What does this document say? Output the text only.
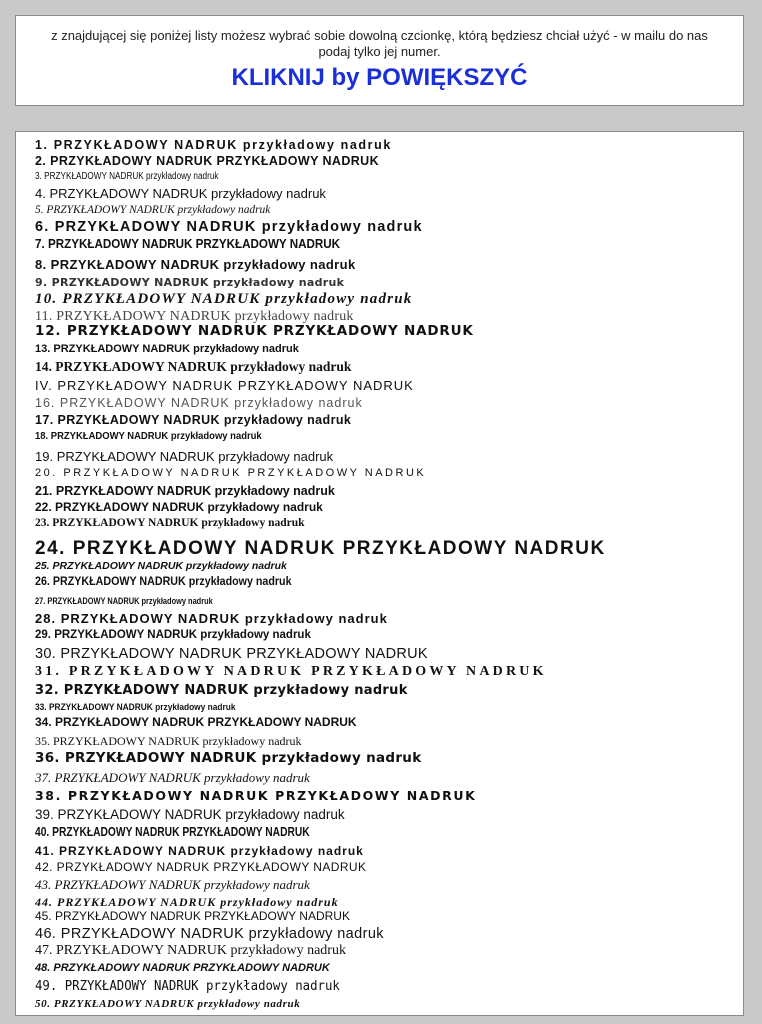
z znajdującej się poniżej listy możesz wybrać sobie dowolną czcionkę, którą będziesz chciał użyć - w mailu do nas podaj tylko jej numer.
KLIKNIJ by POWIĘKSZYĆ
1. PRZYKŁADOWY NADRUK przykładowy nadruk
2. PRZYKŁADOWY NADRUK PRZYKŁADOWY NADRUK
3. PRZYKŁADOWY NADRUK przykładowy nadruk
4. PRZYKŁADOWY NADRUK przykładowy nadruk
5. PRZYKŁADOWY NADRUK przykładowy nadruk
6. PRZYKŁADOWY NADRUK przykładowy nadruk
7. PRZYKŁADOWY NADRUK PRZYKŁADOWY NADRUK
8. PRZYKŁADOWY NADRUK przykładowy nadruk
9. PRZYKŁADOWY NADRUK przykładowy nadruk
10. PRZYKŁADOWY NADRUK przykładowy nadruk
11. PRZYKŁADOWY NADRUK przykładowy nadruk
12. PRZYKŁADOWY NADRUK PRZYKŁADOWY NADRUK
13. PRZYKŁADOWY NADRUK przykładowy nadruk
14. PRZYKŁADOWY NADRUK przykładowy nadruk
IV. PRZYKŁADOWY NADRUK PRZYKŁADOWY NADRUK
16. PRZYKŁADOWY NADRUK przykładowy nadruk
17. PRZYKŁADOWY NADRUK przykładowy nadruk
18. PRZYKŁADOWY NADRUK przykładowy nadruk
19. PRZYKŁADOWY NADRUK przykładowy nadruk
20. PRZYKŁADOWY NADRUK PRZYKŁADOWY NADRUK
21. PRZYKŁADOWY NADRUK przykładowy nadruk
22. PRZYKŁADOWY NADRUK przykładowy nadruk
23. PRZYKŁADOWY NADRUK przykładowy nadruk
24. PRZYKŁADOWY NADRUK PRZYKŁADOWY NADRUK
25. PRZYKŁADOWY NADRUK przykładowy nadruk
26. PRZYKŁADOWY NADRUK przykładowy nadruk
27. PRZYKŁADOWY NADRUK przykładowy nadruk
28. PRZYKŁADOWY NADRUK przykładowy nadruk
29. PRZYKŁADOWY NADRUK przykładowy nadruk
30. PRZYKŁADOWY NADRUK PRZYKŁADOWY NADRUK
31. PRZYKŁADOWY NADRUK PRZYKŁADOWY NADRUK
32. PRZYKŁADOWY NADRUK przykładowy nadruk
33. PRZYKŁADOWY NADRUK przykładowy nadruk
34. PRZYKŁADOWY NADRUK PRZYKŁADOWY NADRUK
35. PRZYKŁADOWY NADRUK przykładowy nadruk
36. PRZYKŁADOWY NADRUK przykładowy nadruk
37. PRZYKŁADOWY NADRUK przykładowy nadruk
38. PRZYKŁADOWY NADRUK PRZYKŁADOWY NADRUK
39. PRZYKŁADOWY NADRUK przykładowy nadruk
40. PRZYKŁADOWY NADRUK PRZYKŁADOWY NADRUK
41. PRZYKŁADOWY NADRUK przykładowy nadruk
42. PRZYKŁADOWY NADRUK PRZYKŁADOWY NADRUK
43. PRZYKŁADOWY NADRUK przykładowy nadruk
44. PRZYKŁADOWY NADRUK przykładowy nadruk
45. PRZYKŁADOWY NADRUK PRZYKŁADOWY NADRUK
46. PRZYKŁADOWY NADRUK przykładowy nadruk
47. PRZYKŁADOWY NADRUK przykładowy nadruk
48. PRZYKŁADOWY NADRUK PRZYKŁADOWY NADRUK
49. PRZYKŁADOWY NADRUK przykładowy nadruk
50. PRZYKŁADOWY NADRUK przykładowy nadruk
